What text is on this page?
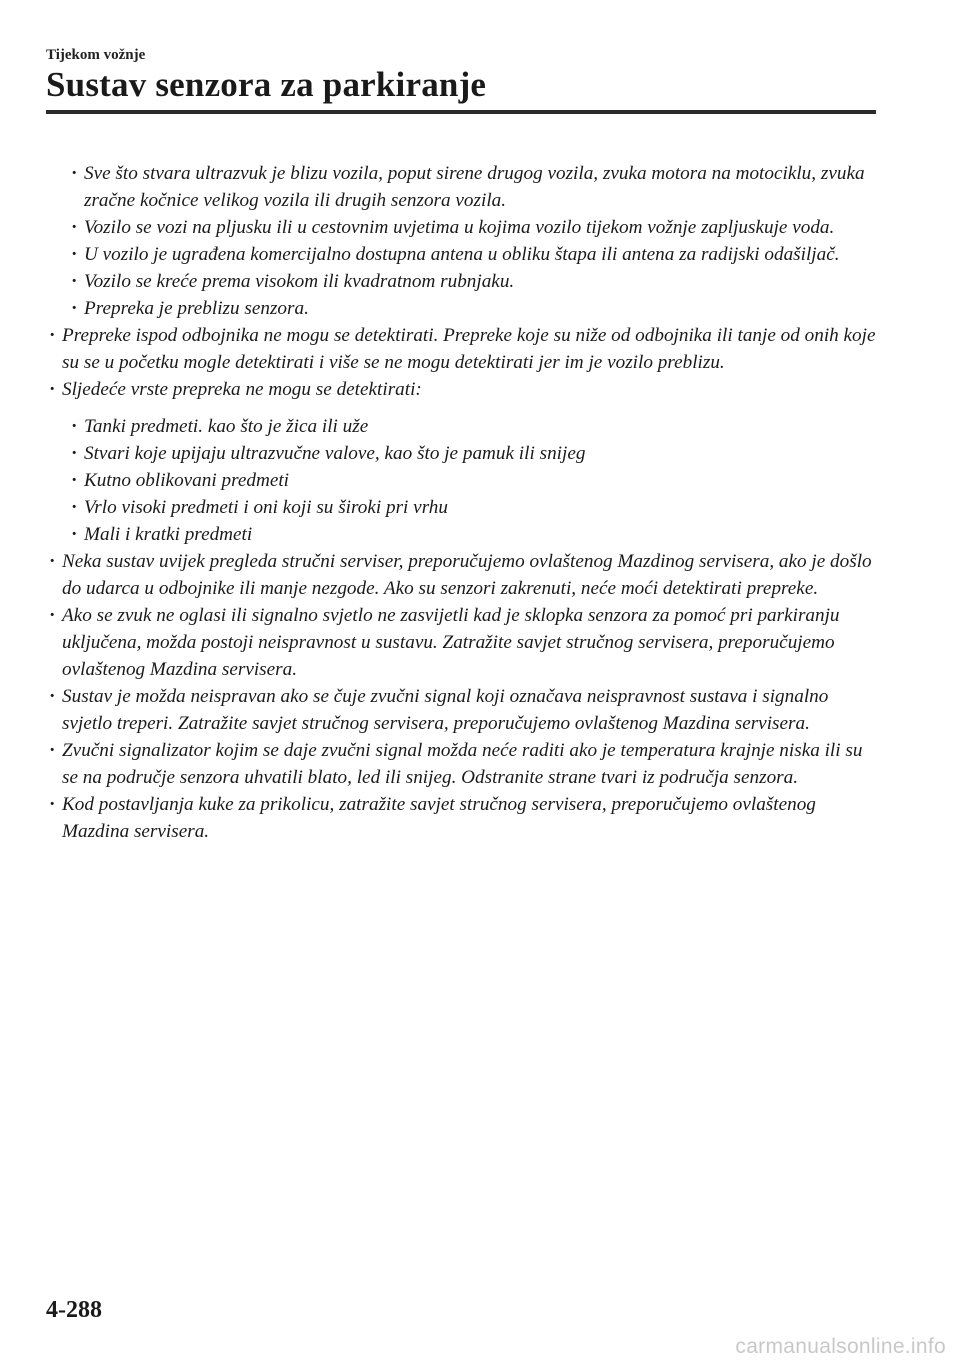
Tijekom vožnje
Sustav senzora za parkiranje
· Sve što stvara ultrazvuk je blizu vozila, poput sirene drugog vozila, zvuka motora na motociklu, zvuka zračne kočnice velikog vozila ili drugih senzora vozila.
· Vozilo se vozi na pljusku ili u cestovnim uvjetima u kojima vozilo tijekom vožnje zapljuskuje voda.
· U vozilo je ugrađena komercijalno dostupna antena u obliku štapa ili antena za radijski odašiljač.
· Vozilo se kreće prema visokom ili kvadratnom rubnjaku.
· Prepreka je preblizu senzora.
· Prepreke ispod odbojnika ne mogu se detektirati. Prepreke koje su niže od odbojnika ili tanje od onih koje su se u početku mogle detektirati i više se ne mogu detektirati jer im je vozilo preblizu.
· Sljedeće vrste prepreka ne mogu se detektirati:
· Tanki predmeti. kao što je žica ili uže
· Stvari koje upijaju ultrazvučne valove, kao što je pamuk ili snijeg
· Kutno oblikovani predmeti
· Vrlo visoki predmeti i oni koji su široki pri vrhu
· Mali i kratki predmeti
· Neka sustav uvijek pregleda stručni serviser, preporučujemo ovlaštenog Mazdinog servisera, ako je došlo do udarca u odbojnike ili manje nezgode. Ako su senzori zakrenuti, neće moći detektirati prepreke.
· Ako se zvuk ne oglasi ili signalno svjetlo ne zasvijetli kad je sklopka senzora za pomoć pri parkiranju uključena, možda postoji neispravnost u sustavu. Zatražite savjet stručnog servisera, preporučujemo ovlaštenog Mazdina servisera.
· Sustav je možda neispravan ako se čuje zvučni signal koji označava neispravnost sustava i signalno svjetlo treperi. Zatražite savjet stručnog servisera, preporučujemo ovlaštenog Mazdina servisera.
· Zvučni signalizator kojim se daje zvučni signal možda neće raditi ako je temperatura krajnje niska ili su se na područje senzora uhvatili blato, led ili snijeg. Odstranite strane tvari iz područja senzora.
· Kod postavljanja kuke za prikolicu, zatražite savjet stručnog servisera, preporučujemo ovlaštenog Mazdina servisera.
4-288
carmanualsonline.info
